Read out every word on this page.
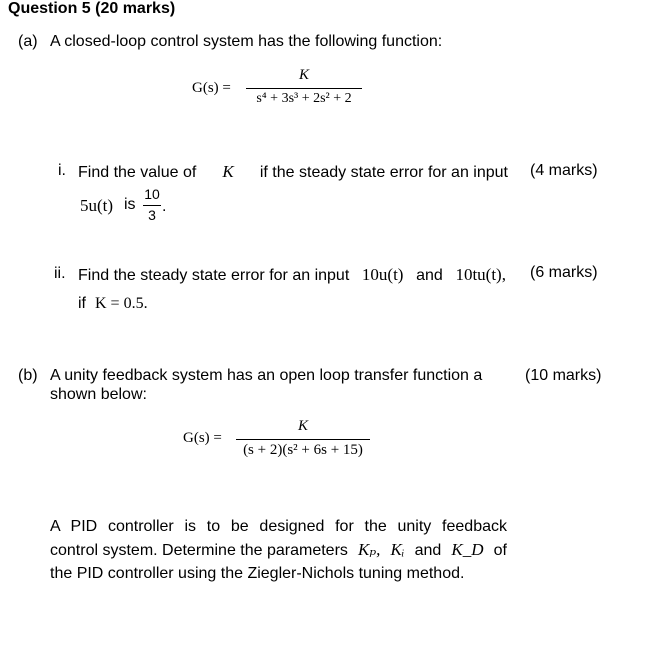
Question 5 (20 marks)
(a) A closed-loop control system has the following function:
G(s) =
K
s⁴ + 3s³ + 2s² + 2
i. Find the value of K if the steady state error for an input (4 marks)
5u(t) is
10
3 .
ii. Find the steady state error for an input 10u(t) and 10tu(t), (6 marks)
if K = 0.5.
(b) A unity feedback system has an open loop transfer function a
shown below:
(10 marks)
G(s) =
K
(s + 2)(s² + 6s + 15)
A PID controller is to be designed for the unity feedback
control system. Determine the parameters Kₚ, Kᵢ and K_D of
the PID controller using the Ziegler-Nichols tuning method.
